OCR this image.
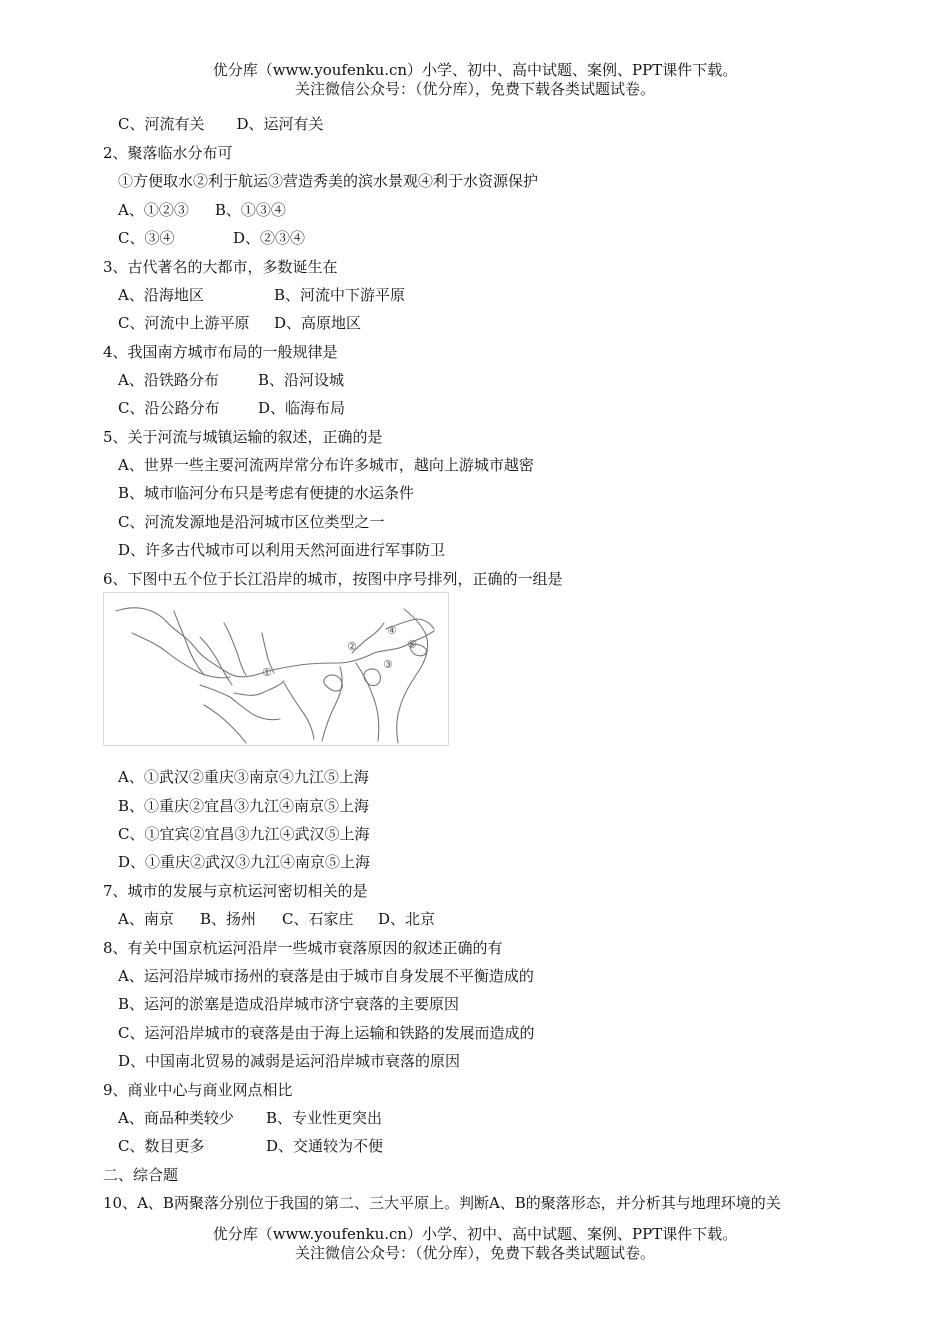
优分库（www.youfenku.cn）小学、初中、高中试题、案例、PPT课件下载。
关注微信公众号：（优分库），免费下载各类试题试卷。
C、河流有关 D、运河有关
2、聚落临水分布可
①方便取水②利于航运③营造秀美的滨水景观④利于水资源保护
A、①②③ B、①③④
C、③④	D、②③④
3、古代著名的大都市，多数诞生在
A、沿海地区	B、河流中下游平原
C、河流中上游平原 D、高原地区
4、我国南方城市布局的一般规律是
A、沿铁路分布	B、沿河设城
C、沿公路分布	D、临海布局
5、关于河流与城镇运输的叙述，正确的是
A、世界一些主要河流两岸常分布许多城市，越向上游城市越密
B、城市临河分布只是考虑有便捷的水运条件
C、河流发源地是沿河城市区位类型之一
D、许多古代城市可以利用天然河面进行军事防卫
6、下图中五个位于长江沿岸的城市，按图中序号排列，正确的一组是
①
②
③
④
⑤
A、①武汉②重庆③南京④九江⑤上海
B、①重庆②宜昌③九江④南京⑤上海
C、①宜宾②宜昌③九江④武汉⑤上海
D、①重庆②武汉③九江④南京⑤上海
7、城市的发展与京杭运河密切相关的是
A、南京 B、扬州 C、石家庄 D、北京
8、有关中国京杭运河沿岸一些城市衰落原因的叙述正确的有
A、运河沿岸城市扬州的衰落是由于城市自身发展不平衡造成的
B、运河的淤塞是造成沿岸城市济宁衰落的主要原因
C、运河沿岸城市的衰落是由于海上运输和铁路的发展而造成的
D、中国南北贸易的减弱是运河沿岸城市衰落的原因
9、商业中心与商业网点相比
A、商品种类较少 B、专业性更突出
C、数目更多	D、交通较为不便
二、综合题
10、A、B两聚落分别位于我国的第二、三大平原上。判断A、B的聚落形态，并分析其与地理环境的关
优分库（www.youfenku.cn）小学、初中、高中试题、案例、PPT课件下载。
关注微信公众号：（优分库），免费下载各类试题试卷。
